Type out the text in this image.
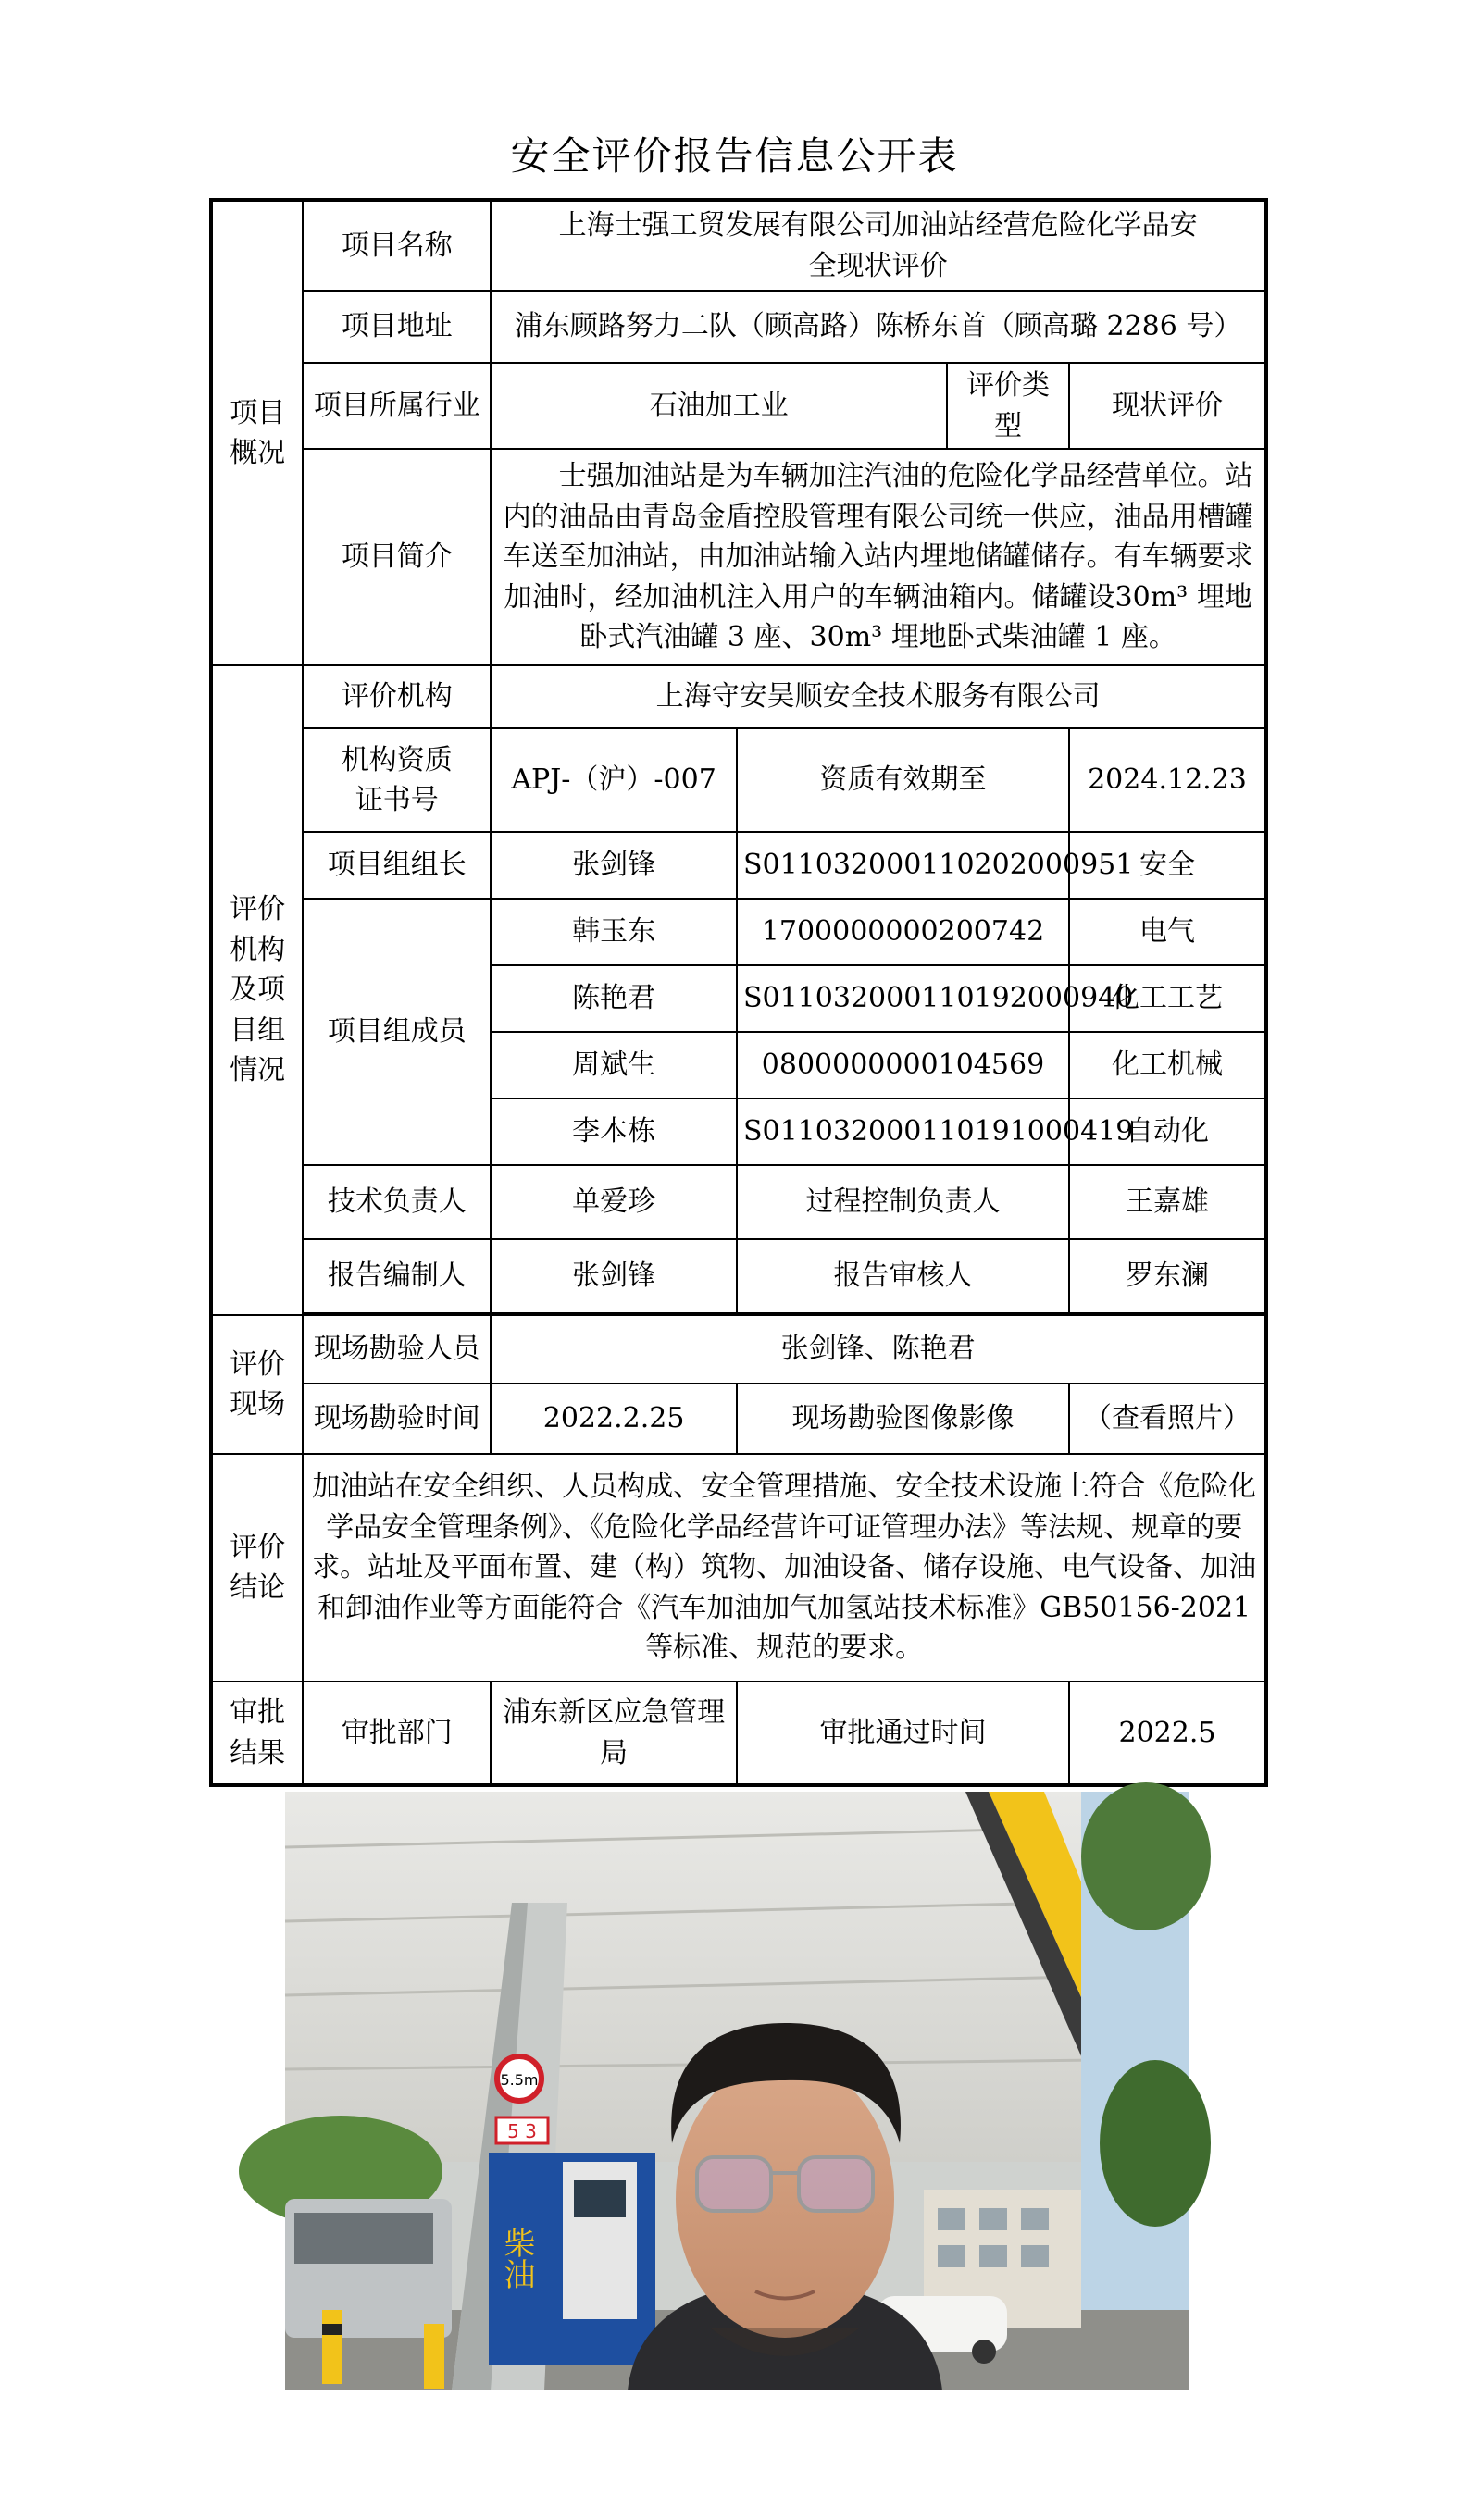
安全评价报告信息公开表
项目概况	项目名称	上海士强工贸发展有限公司加油站经营危险化学品安全现状评价			
	项目地址	浦东顾路努力二队（顾高路）陈桥东首（顾高璐 2286 号）			
	项目所属行业	石油加工业		评价类型	现状评价
	项目简介	士强加油站是为车辆加注汽油的危险化学品经营单位。站内的油品由青岛金盾控股管理有限公司统一供应，油品用槽罐车送至加油站，由加油站输入站内埋地储罐储存。有车辆要求加油时，经加油机注入用户的车辆油箱内。储罐设30m³ 埋地卧式汽油罐 3 座、30m³ 埋地卧式柴油罐 1 座。			
评价机构及项目组情况	评价机构	上海守安吴顺安全技术服务有限公司			
	机构资质证书号	APJ-（沪）-007	资质有效期至		2024.12.23
	项目组组长	张剑锋	S011032000110202000951		安全
	项目组成员	韩玉东	1700000000200742		电气
		陈艳君	S011032000110192000940		化工工艺
		周斌生	0800000000104569		化工机械
		李本栋	S011032000110191000419		自动化
	技术负责人	单爱珍	过程控制负责人		王嘉雄
	报告编制人	张剑锋	报告审核人		罗东澜

评价现场	现场勘验人员	张剑锋、陈艳君			
	现场勘验时间	2022.2.25	现场勘验图像影像		（查看照片）
评价结论	加油站在安全组织、人员构成、安全管理措施、安全技术设施上符合《危险化学品安全管理条例》、《危险化学品经营许可证管理办法》等法规、规章的要求。站址及平面布置、建（构）筑物、加油设备、储存设施、电气设备、加油和卸油作业等方面能符合《汽车加油加气加氢站技术标准》GB50156-2021 等标准、规范的要求。				
审批结果	审批部门	浦东新区应急管理局	审批通过时间		2022.5
5.5m
5 3
柴油
